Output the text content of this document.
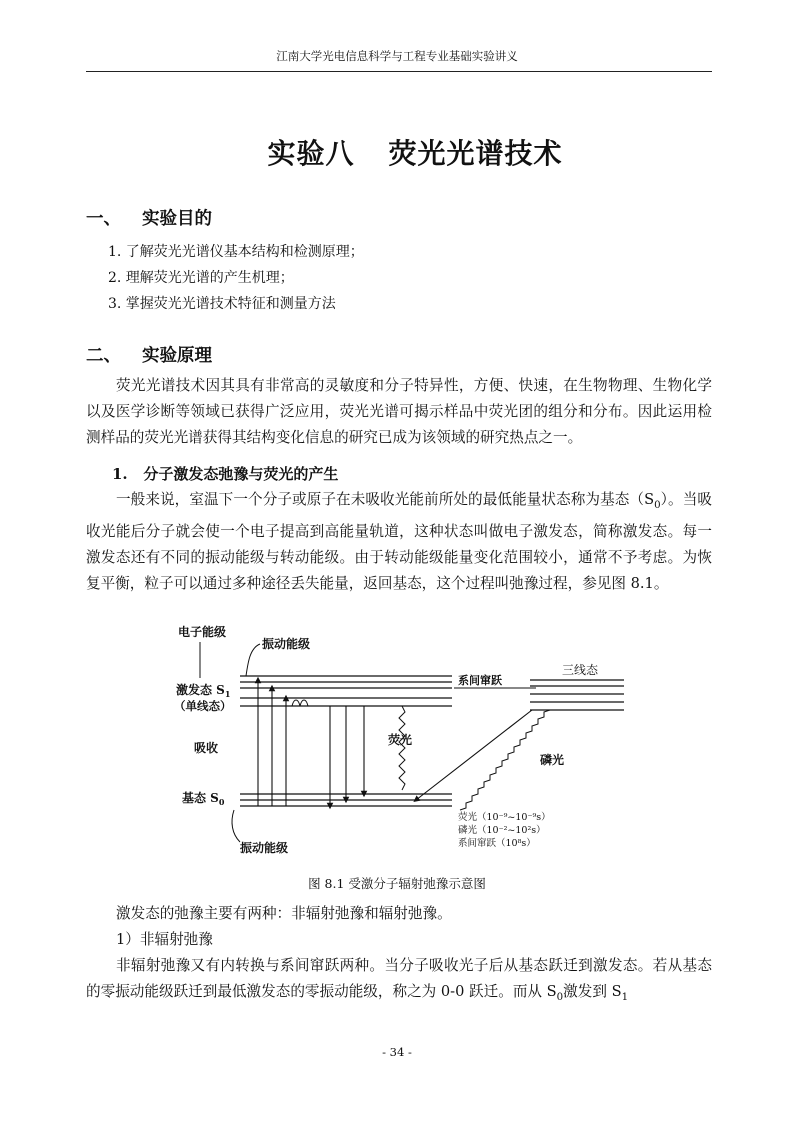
江南大学光电信息科学与工程专业基础实验讲义
实验八 荧光光谱技术
一、 实验目的
1. 了解荧光光谱仪基本结构和检测原理；
2. 理解荧光光谱的产生机理；
3. 掌握荧光光谱技术特征和测量方法
二、 实验原理
荧光光谱技术因其具有非常高的灵敏度和分子特异性，方便、快速，在生物物理、生物化学以及医学诊断等领域已获得广泛应用，荧光光谱可揭示样品中荧光团的组分和分布。因此运用检测样品的荧光光谱获得其结构变化信息的研究已成为该领域的研究热点之一。
1. 分子激发态弛豫与荧光的产生
一般来说，室温下一个分子或原子在未吸收光能前所处的最低能量状态称为基态$(S_0)$。当吸收光能后分子就会使一个电子提高到高能量轨道，这种状态叫做电子激发态，简称激发态。每一激发态还有不同的振动能级与转动能级。由于转动能级能量变化范围较小，通常不予考虑。为恢复平衡，粒子可以通过多种途径丢失能量，返回基态，这个过程叫弛豫过程，参见图 8.1。
电子能级
振动能级
激发态 $S_1$
（单线态）
吸收
基态 $S_0$
系间窜跃
三线态
荧光
磷光
振动能级
荧光（10⁻⁹~10⁻⁹s）
磷光（10⁻²~10²s）
系间窜跃（10⁸s）
图 8.1 受激分子辐射弛豫示意图
激发态的弛豫主要有两种：非辐射弛豫和辐射弛豫。
1）非辐射弛豫
非辐射弛豫又有内转换与系间窜跃两种。当分子吸收光子后从基态跃迁到激发态。若从基态的零振动能级跃迁到最低激发态的零振动能级，称之为 0-0 跃迁。而从 $S_0$激发到 $S_1$
- 34 -
